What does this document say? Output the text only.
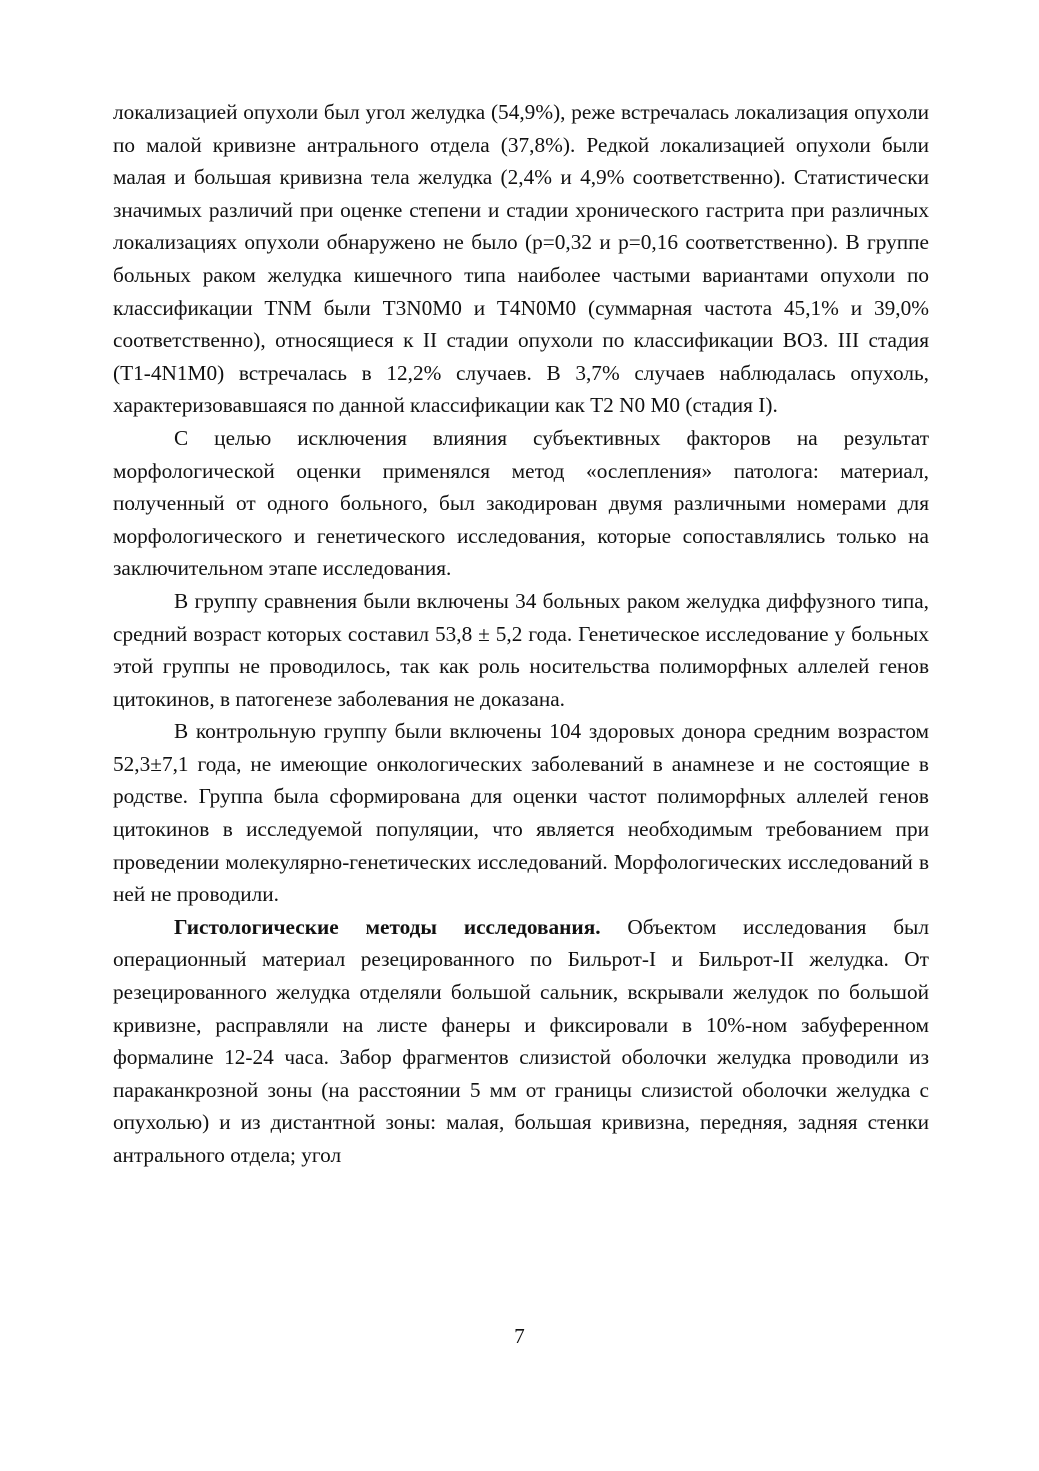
локализацией опухоли был угол желудка (54,9%), реже встречалась локализация опухоли по малой кривизне антрального отдела (37,8%). Редкой локализацией опухоли были малая и большая кривизна тела желудка (2,4% и 4,9% соответственно). Статистически значимых различий при оценке степени и стадии хронического гастрита при различных локализациях опухоли обнаружено не было (р=0,32 и р=0,16 соответственно). В группе больных раком желудка кишечного типа наиболее частыми вариантами опухоли по классификации TNM были T3N0M0 и T4N0M0 (суммарная частота 45,1% и 39,0% соответственно), относящиеся к II стадии опухоли по классификации ВОЗ. III стадия (T1-4N1M0) встречалась в 12,2% случаев. В 3,7% случаев наблюдалась опухоль, характеризовавшаяся по данной классификации как T2 N0 M0 (стадия I).

С целью исключения влияния субъективных факторов на результат морфологической оценки применялся метод «ослепления» патолога: материал, полученный от одного больного, был закодирован двумя различными номерами для морфологического и генетического исследования, которые сопоставлялись только на заключительном этапе исследования.

В группу сравнения были включены 34 больных раком желудка диффузного типа, средний возраст которых составил 53,8 ± 5,2 года. Генетическое исследование у больных этой группы не проводилось, так как роль носительства полиморфных аллелей генов цитокинов, в патогенезе заболевания не доказана.

В контрольную группу были включены 104 здоровых донора средним возрастом 52,3±7,1 года, не имеющие онкологических заболеваний в анамнезе и не состоящие в родстве. Группа была сформирована для оценки частот полиморфных аллелей генов цитокинов в исследуемой популяции, что является необходимым требованием при проведении молекулярно-генетических исследований. Морфологических исследований в ней не проводили.

Гистологические методы исследования. Объектом исследования был операционный материал резецированного по Бильрот-I и Бильрот-II желудка. От резецированного желудка отделяли большой сальник, вскрывали желудок по большой кривизне, расправляли на листе фанеры и фиксировали в 10%-ном забуференном формалине 12-24 часа. Забор фрагментов слизистой оболочки желудка проводили из параканкрозной зоны (на расстоянии 5 мм от границы слизистой оболочки желудка с опухолью) и из дистантной зоны: малая, большая кривизна, передняя, задняя стенки антрального отдела; угол

7
